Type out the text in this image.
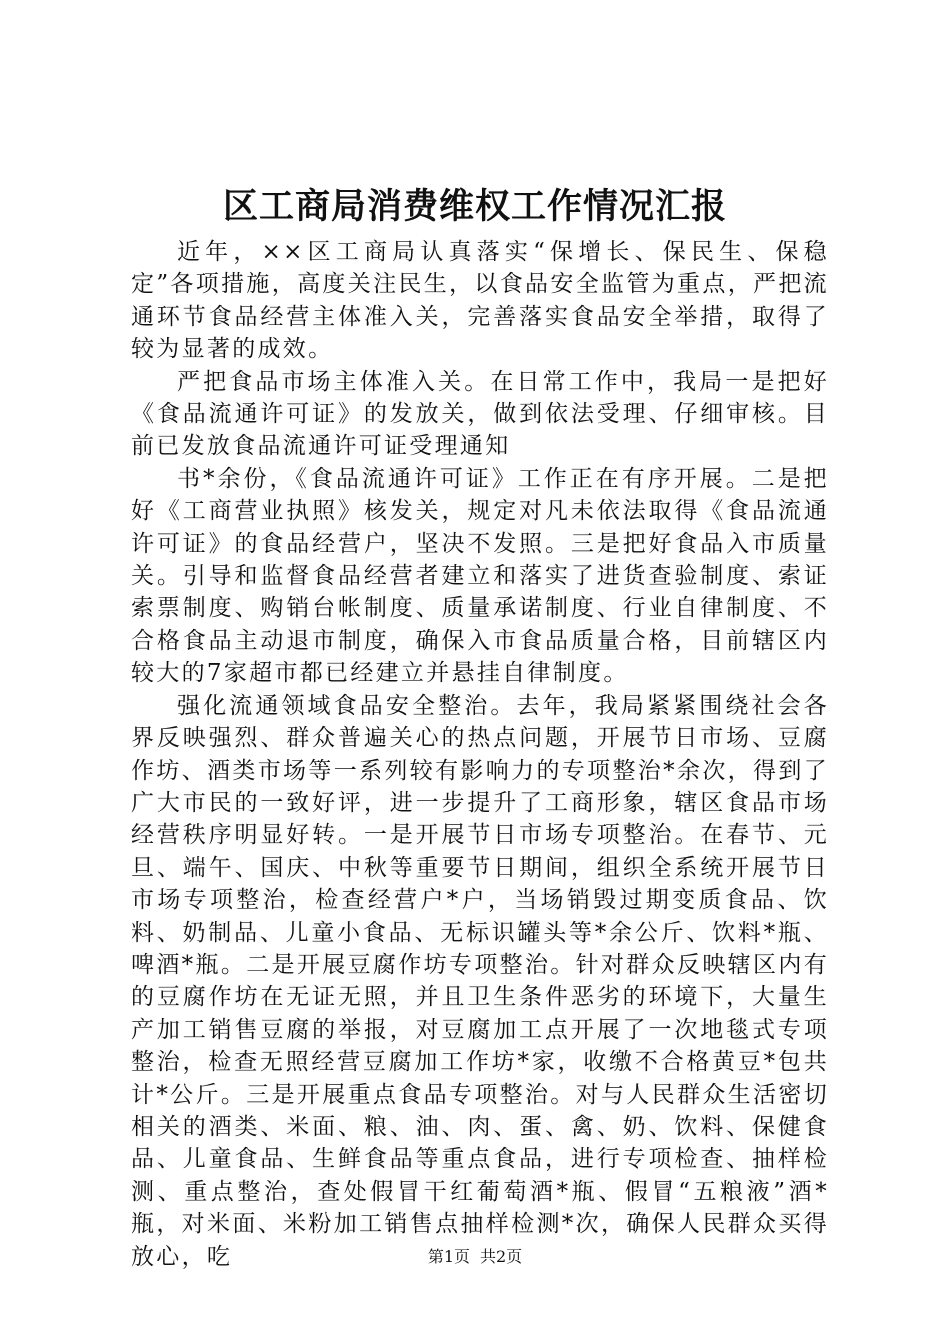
区工商局消费维权工作情况汇报

近年，××区工商局认真落实“保增长、保民生、保稳定”各项措施，高度关注民生，以食品安全监管为重点，严把流通环节食品经营主体准入关，完善落实食品安全举措，取得了较为显著的成效。

严把食品市场主体准入关。在日常工作中，我局一是把好《食品流通许可证》的发放关，做到依法受理、仔细审核。目前已发放食品流通许可证受理通知

书*余份，《食品流通许可证》工作正在有序开展。二是把好《工商营业执照》核发关，规定对凡未依法取得《食品流通许可证》的食品经营户，坚决不发照。三是把好食品入市质量关。引导和监督食品经营者建立和落实了进货查验制度、索证索票制度、购销台帐制度、质量承诺制度、行业自律制度、不合格食品主动退市制度，确保入市食品质量合格，目前辖区内较大的7家超市都已经建立并悬挂自律制度。

强化流通领域食品安全整治。去年，我局紧紧围绕社会各界反映强烈、群众普遍关心的热点问题，开展节日市场、豆腐作坊、酒类市场等一系列较有影响力的专项整治*余次，得到了广大市民的一致好评，进一步提升了工商形象，辖区食品市场经营秩序明显好转。一是开展节日市场专项整治。在春节、元旦、端午、国庆、中秋等重要节日期间，组织全系统开展节日市场专项整治，检查经营户*户，当场销毁过期变质食品、饮料、奶制品、儿童小食品、无标识罐头等*余公斤、饮料*瓶、啤酒*瓶。二是开展豆腐作坊专项整治。针对群众反映辖区内有的豆腐作坊在无证无照，并且卫生条件恶劣的环境下，大量生产加工销售豆腐的举报，对豆腐加工点开展了一次地毯式专项整治，检查无照经营豆腐加工作坊*家，收缴不合格黄豆*包共计*公斤。三是开展重点食品专项整治。对与人民群众生活密切相关的酒类、米面、粮、油、肉、蛋、禽、奶、饮料、保健食品、儿童食品、生鲜食品等重点食品，进行专项检查、抽样检测、重点整治，查处假冒干红葡萄酒*瓶、假冒“五粮液”酒*瓶，对米面、米粉加工销售点抽样检测*次，确保人民群众买得放心，吃	第1页 共2页
